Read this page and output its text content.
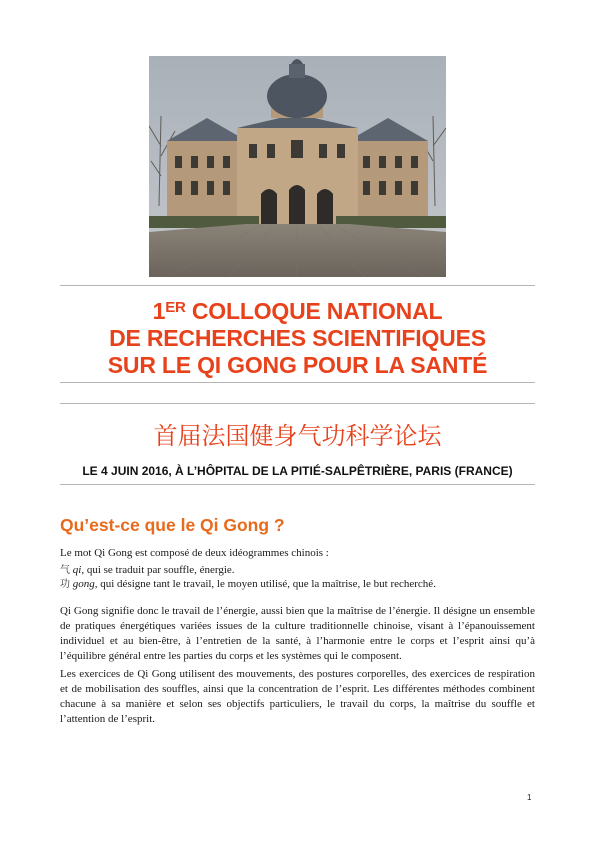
1ER COLLOQUE NATIONAL
DE RECHERCHES SCIENTIFIQUES
SUR LE QI GONG POUR LA SANTÉ
首届法国健身气功科学论坛
LE 4 JUIN 2016, À L’HÔPITAL DE LA PITIÉ-SALPÊTRIÈRE, PARIS (FRANCE)
Qu’est-ce que le Qi Gong ?
Le mot Qi Gong est composé de deux idéogrammes chinois :
气 qi, qui se traduit par souffle, énergie.
功 gong, qui désigne tant le travail, le moyen utilisé, que la maîtrise, le but recherché.
Qi Gong signifie donc le travail de l’énergie, aussi bien que la maîtrise de l’énergie. Il désigne un ensemble de pratiques énergétiques variées issues de la culture traditionnelle chinoise, visant à l’épanouissement individuel et au bien-être, à l’entretien de la santé, à l’harmonie entre le corps et l’esprit ainsi qu’à l’équilibre général entre les parties du corps et les systèmes qui le composent.
Les exercices de Qi Gong utilisent des mouvements, des postures corporelles, des exercices de respiration et de mobilisation des souffles, ainsi que la concentration de l’esprit. Les différentes méthodes combinent chacune à sa manière et selon ses objectifs particuliers, le travail du corps, la maîtrise du souffle et l’attention de l’esprit.
1
